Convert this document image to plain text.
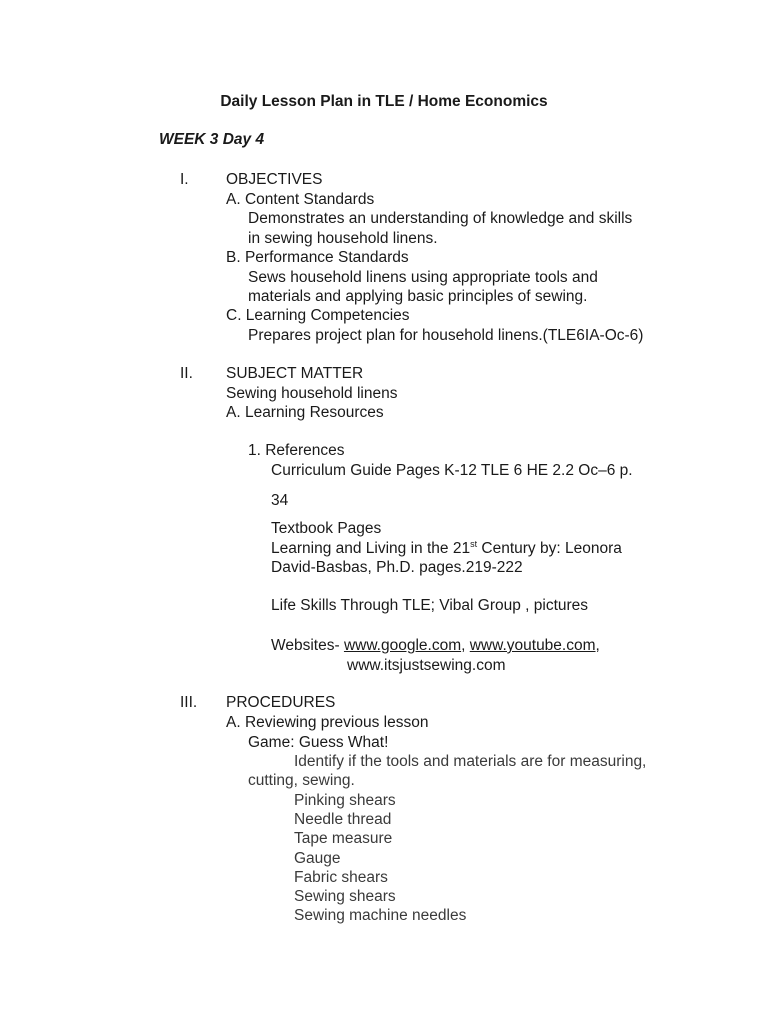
Daily Lesson Plan in TLE / Home Economics
WEEK 3 Day 4
I. OBJECTIVES
A. Content Standards
Demonstrates an understanding of knowledge and skills
in sewing household linens.
B. Performance Standards
Sews household linens using appropriate tools and
materials and applying basic principles of sewing.
C. Learning Competencies
Prepares project plan for household linens.(TLE6IA-Oc-6)
II. SUBJECT MATTER
Sewing household linens
A. Learning Resources
1. References
Curriculum Guide Pages K-12 TLE 6 HE 2.2 Oc–6 p.
34
Textbook Pages
Learning and Living in the 21st Century by: Leonora
David-Basbas, Ph.D. pages.219-222
Life Skills Through TLE; Vibal Group , pictures
Websites- www.google.com, www.youtube.com,
www.itsjustsewing.com
III. PROCEDURES
A. Reviewing previous lesson
Game: Guess What!
Identify if the tools and materials are for measuring,
cutting, sewing.
Pinking shears
Needle thread
Tape measure
Gauge
Fabric shears
Sewing shears
Sewing machine needles
